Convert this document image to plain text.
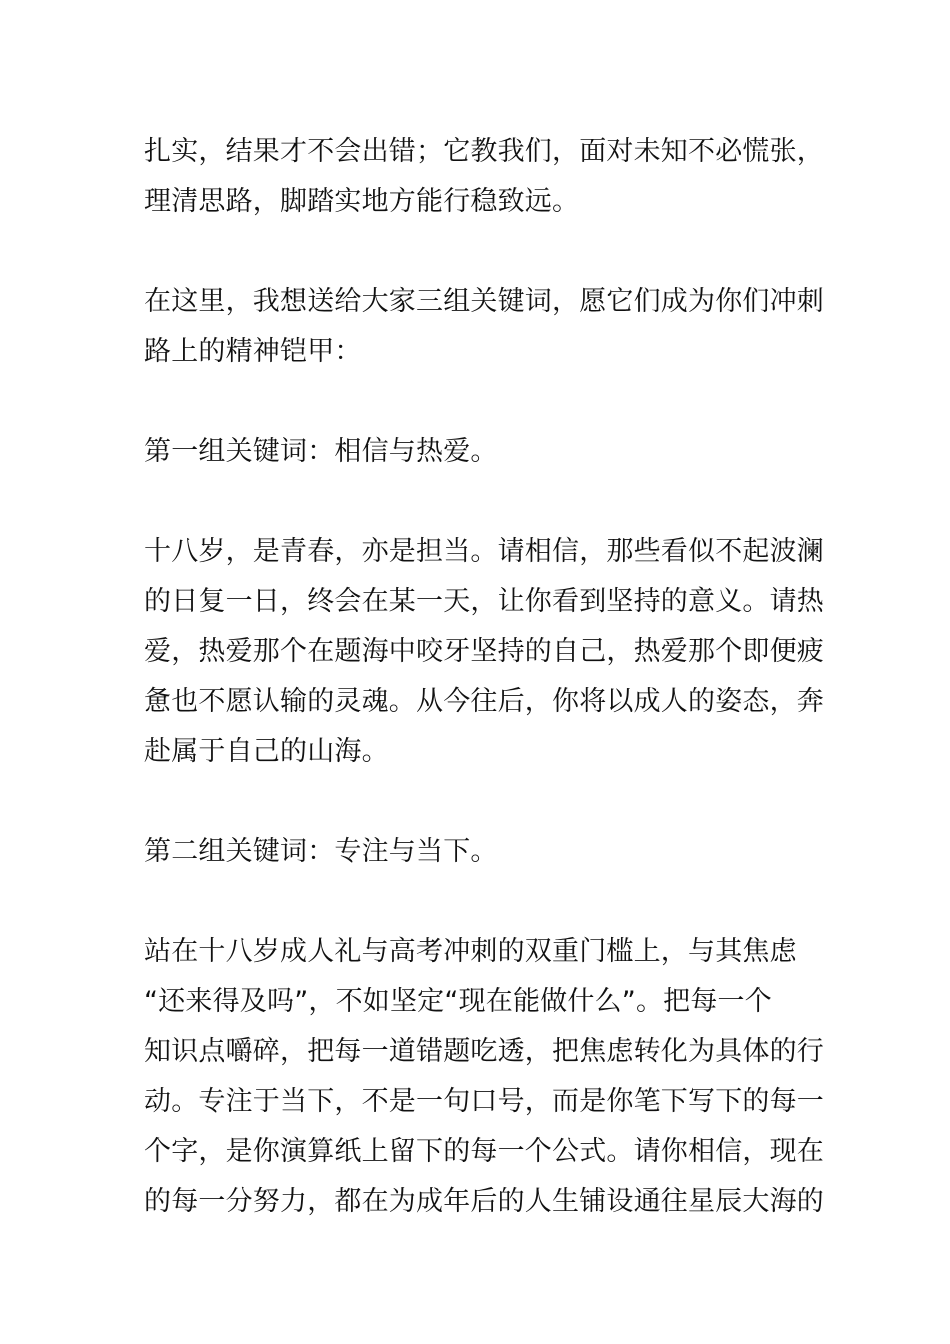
扎实，结果才不会出错；它教我们，面对未知不必慌张，
理清思路，脚踏实地方能行稳致远。
在这里，我想送给大家三组关键词，愿它们成为你们冲刺
路上的精神铠甲：
第一组关键词：相信与热爱。
十八岁，是青春，亦是担当。请相信，那些看似不起波澜
的日复一日，终会在某一天，让你看到坚持的意义。请热
爱，热爱那个在题海中咬牙坚持的自己，热爱那个即便疲
惫也不愿认输的灵魂。从今往后，你将以成人的姿态，奔
赴属于自己的山海。
第二组关键词：专注与当下。
站在十八岁成人礼与高考冲刺的双重门槛上，与其焦虑
“还来得及吗”，不如坚定“现在能做什么”。把每一个
知识点嚼碎，把每一道错题吃透，把焦虑转化为具体的行
动。专注于当下，不是一句口号，而是你笔下写下的每一
个字，是你演算纸上留下的每一个公式。请你相信，现在
的每一分努力，都在为成年后的人生铺设通往星辰大海的
